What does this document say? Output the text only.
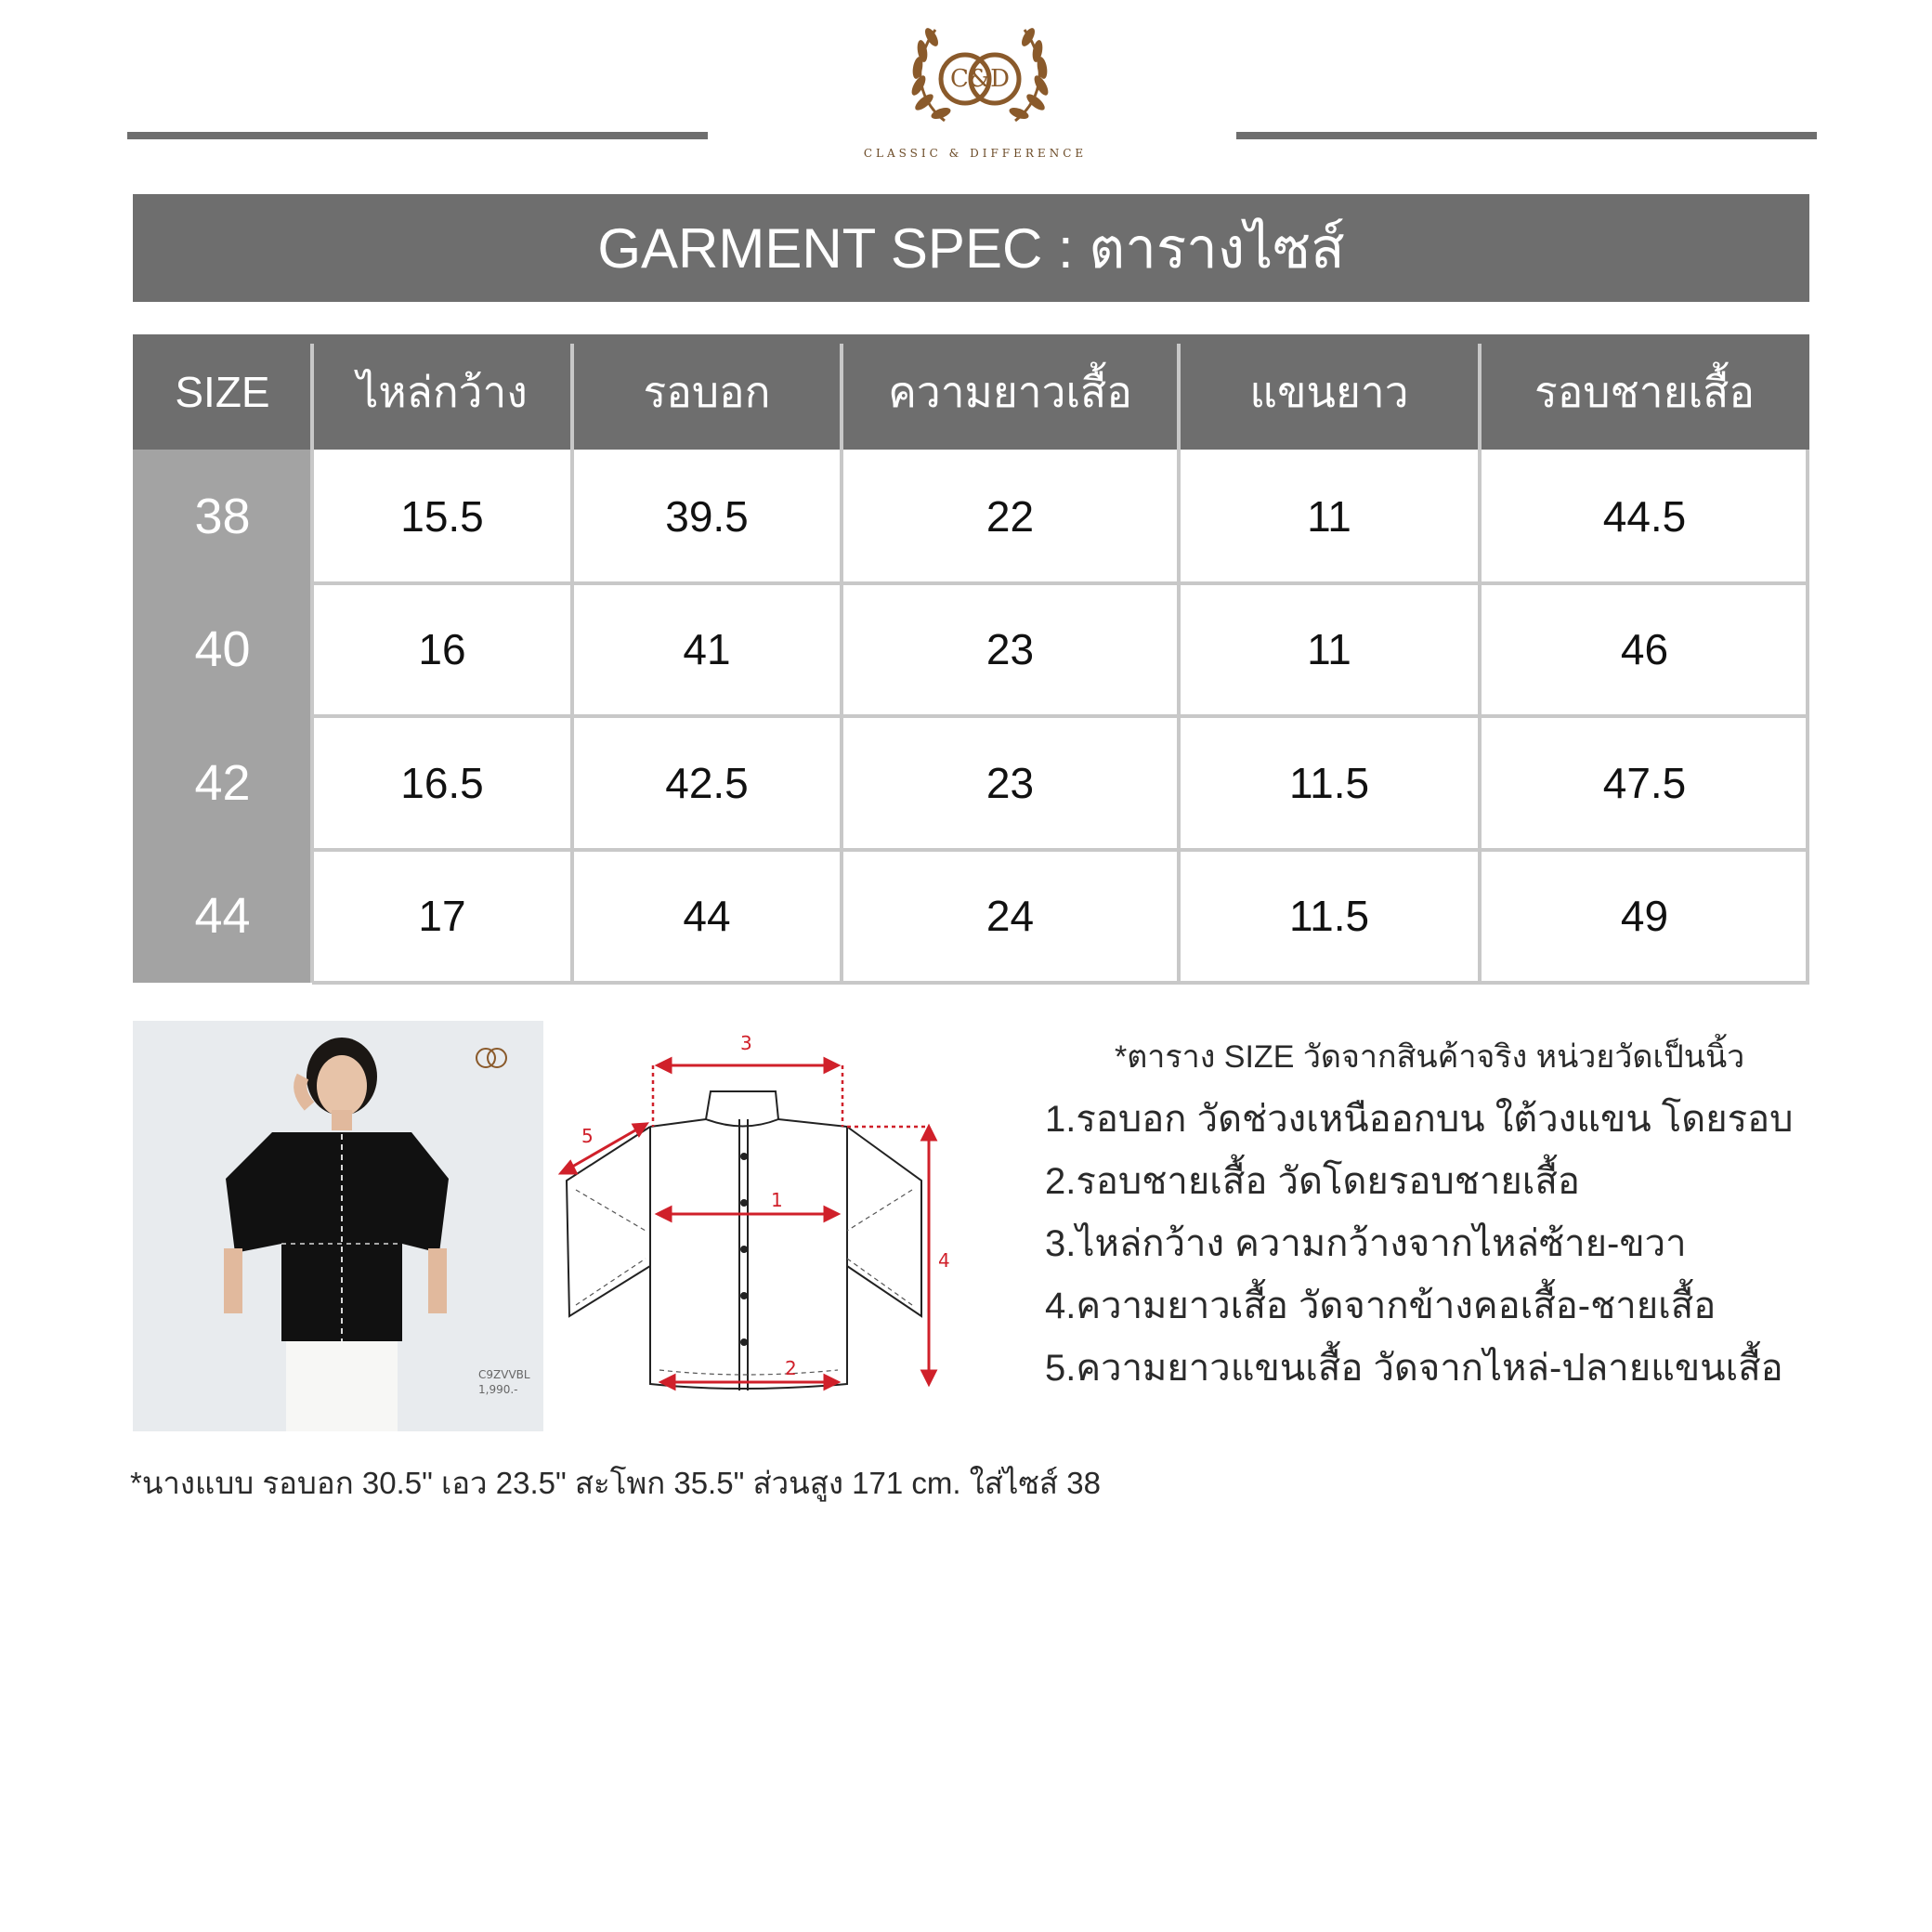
C&D
CLASSIC & DIFFERENCE
GARMENT SPEC : ตารางไซส์
SIZE	ไหล่กว้าง	รอบอก	ความยาวเสื้อ	แขนยาว	รอบชายเสื้อ
38	15.5	39.5	22	11	44.5
40	16	41	23	11	46
42	16.5	42.5	23	11.5	47.5
44	17	44	24	11.5	49
C9ZVVBL
1,990.-
3
5
1
4
2
*ตาราง SIZE วัดจากสินค้าจริง หน่วยวัดเป็นนิ้ว
1.รอบอก วัดช่วงเหนืออกบน ใต้วงแขน โดยรอบ
2.รอบชายเสื้อ วัดโดยรอบชายเสื้อ
3.ไหล่กว้าง ความกว้างจากไหล่ซ้าย-ขวา
4.ความยาวเสื้อ วัดจากข้างคอเสื้อ-ชายเสื้อ
5.ความยาวแขนเสื้อ วัดจากไหล่-ปลายแขนเสื้อ
*นางแบบ รอบอก 30.5" เอว 23.5" สะโพก 35.5" ส่วนสูง 171 cm. ใส่ไซส์ 38
